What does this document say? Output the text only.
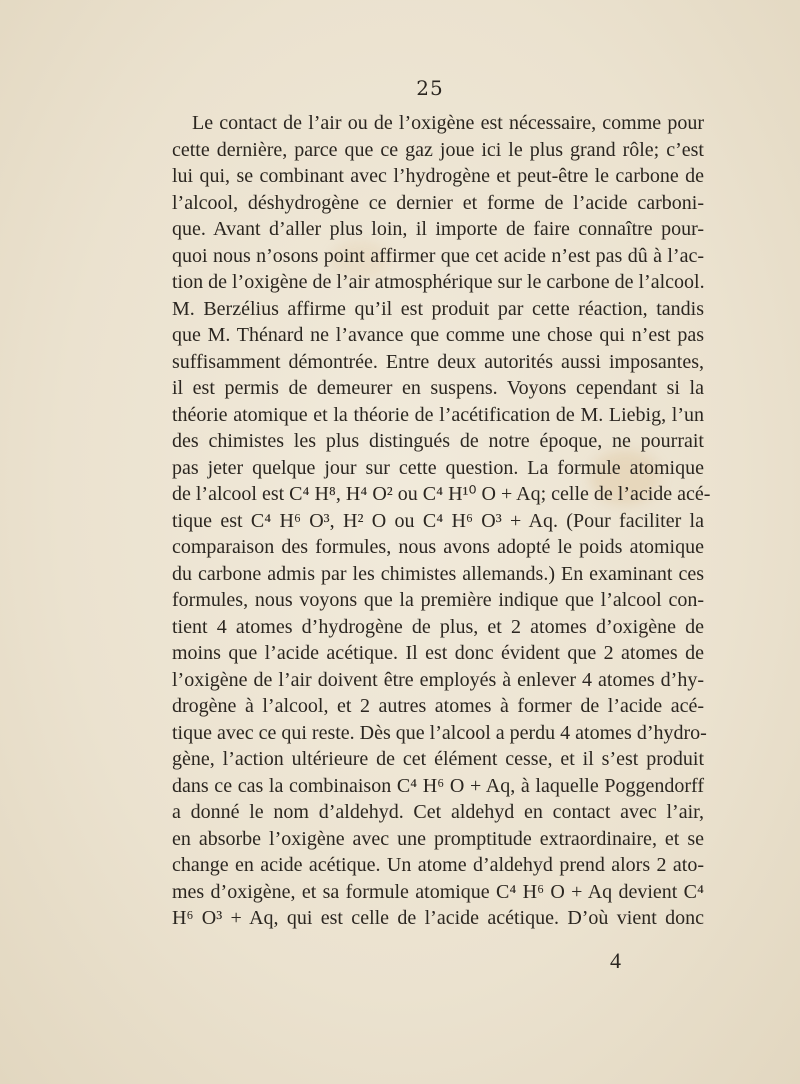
25
Le contact de l’air ou de l’oxigène est nécessaire, comme pour
cette dernière, parce que ce gaz joue ici le plus grand rôle; c’est
lui qui, se combinant avec l’hydrogène et peut-être le carbone de
l’alcool, déshydrogène ce dernier et forme de l’acide carboni-
que. Avant d’aller plus loin, il importe de faire connaître pour-
quoi nous n’osons point affirmer que cet acide n’est pas dû à l’ac-
tion de l’oxigène de l’air atmosphérique sur le carbone de l’alcool.
M. Berzélius affirme qu’il est produit par cette réaction, tandis
que M. Thénard ne l’avance que comme une chose qui n’est pas
suffisamment démontrée. Entre deux autorités aussi imposantes,
il est permis de demeurer en suspens. Voyons cependant si la
théorie atomique et la théorie de l’acétification de M. Liebig, l’un
des chimistes les plus distingués de notre époque, ne pourrait
pas jeter quelque jour sur cette question. La formule atomique
de l’alcool est C⁴ H⁸, H⁴ O² ou C⁴ H¹⁰ O + Aq; celle de l’acide acé-
tique est C⁴ H⁶ O³, H² O ou C⁴ H⁶ O³ + Aq. (Pour faciliter la
comparaison des formules, nous avons adopté le poids atomique
du carbone admis par les chimistes allemands.) En examinant ces
formules, nous voyons que la première indique que l’alcool con-
tient 4 atomes d’hydrogène de plus, et 2 atomes d’oxigène de
moins que l’acide acétique. Il est donc évident que 2 atomes de
l’oxigène de l’air doivent être employés à enlever 4 atomes d’hy-
drogène à l’alcool, et 2 autres atomes à former de l’acide acé-
tique avec ce qui reste. Dès que l’alcool a perdu 4 atomes d’hydro-
gène, l’action ultérieure de cet élément cesse, et il s’est produit
dans ce cas la combinaison C⁴ H⁶ O + Aq, à laquelle Poggendorff
a donné le nom d’aldehyd. Cet aldehyd en contact avec l’air,
en absorbe l’oxigène avec une promptitude extraordinaire, et se
change en acide acétique. Un atome d’aldehyd prend alors 2 ato-
mes d’oxigène, et sa formule atomique C⁴ H⁶ O + Aq devient C⁴
H⁶ O³ + Aq, qui est celle de l’acide acétique. D’où vient donc
4
